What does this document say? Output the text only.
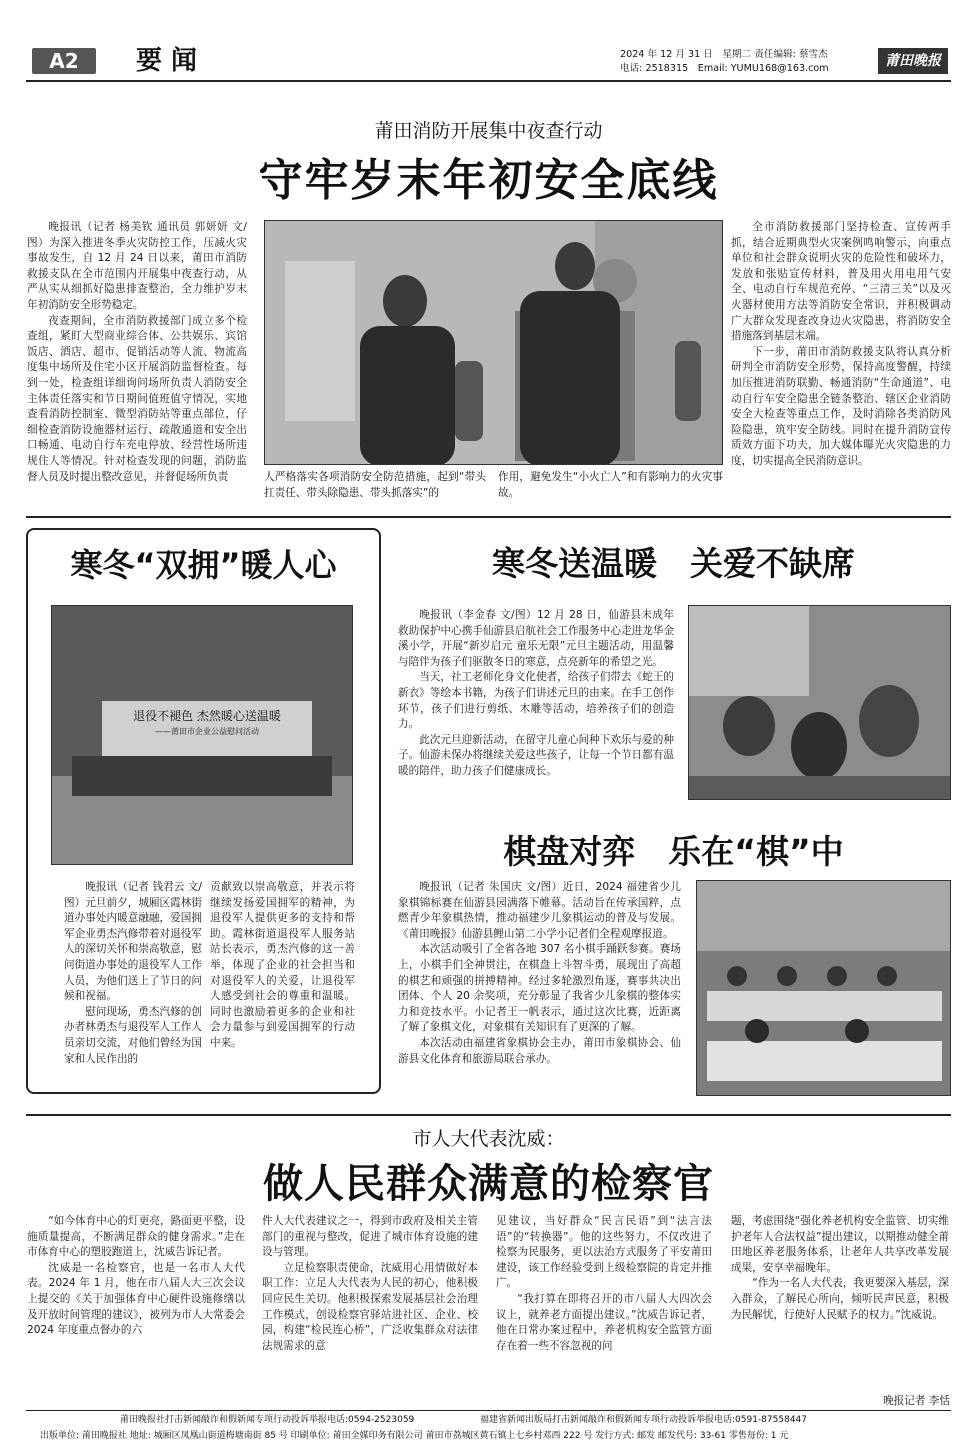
A2	要 闻	2024 年 12 月 31 日　星期二 责任编辑: 蔡雪杰
电话: 2518315　Email: YUMU168@163.com	莆田晚报
莆田消防开展集中夜查行动
守牢岁末年初安全底线

晚报讯（记者 杨美钦 通讯员 郭妍妍 文/图）为深入推进冬季火灾防控工作，压减火灾事故发生，自 12 月 24 日以来，莆田市消防救援支队在全市范围内开展集中夜查行动，从严从实从细抓好隐患排查整治，全力维护岁末年初消防安全形势稳定。

夜查期间，全市消防救援部门成立多个检查组，紧盯大型商业综合体、公共娱乐、宾馆饭店、酒店、超市、促销活动等人流、物流高度集中场所及住宅小区开展消防监督检查。每到一处，检查组详细询问场所负责人消防安全主体责任落实和节日期间值班值守情况，实地查看消防控制室、微型消防站等重点部位，仔细检查消防设施器材运行、疏散通道和安全出口畅通、电动自行车充电停放、经营性场所违规住人等情况。针对检查发现的问题，消防监督人员及时提出整改意见，并督促场所负责	人严格落实各项消防安全防范措施，起到“带头扛责任、带头除隐患、带头抓落实”的
作用，避免发生“小火亡人”和有影响力的火灾事故。

全市消防救援部门坚持检查、宣传两手抓，结合近期典型火灾案例鸣响警示，向重点单位和社会群众说明火灾的危险性和破坏力，发放和张贴宣传材料，普及用火用电用气安全、电动自行车规范充停、“三清三关”以及灭火器材使用方法等消防安全常识，并积极调动广大群众发现查改身边火灾隐患，将消防安全措施落到基层末端。

下一步，莆田市消防救援支队将认真分析研判全市消防安全形势，保持高度警醒，持续加压推进消防联勤、畅通消防“生命通道”、电动自行车安全隐患全链条整治、辖区企业消防安全大检查等重点工作，及时消除各类消防风险隐患，筑牢安全防线。同时在提升消防宣传质效方面下功夫，加大媒体曝光火灾隐患的力度，切实提高全民消防意识。

寒冬“双拥”暖人心
退役不褪色 杰然暖心送温暖
——莆田市企业公益慰问活动

晚报讯（记者 钱君云 文/图）元旦前夕，城厢区霞林街道办事处内暖意融融，爱国拥军企业勇杰汽修带着对退役军人的深切关怀和崇高敬意，慰问街道办事处的退役军人工作人员，为他们送上了节日的问候和祝福。

慰问现场，勇杰汽修的创办者林勇杰与退役军人工作人员亲切交流，对他们曾经为国家和人民作出的

贡献致以崇高敬意，并表示将继续发扬爱国拥军的精神，为退役军人提供更多的支持和帮助。霞林街道退役军人服务站站长表示，勇杰汽修的这一善举，体现了企业的社会担当和对退役军人的关爱，让退役军人感受到社会的尊重和温暖。同时也激励着更多的企业和社会力量参与到爱国拥军的行动中来。

寒冬送温暖　关爱不缺席

晚报讯（李金春 文/图）12 月 28 日，仙游县未成年救助保护中心携手仙游县启航社会工作服务中心走进龙华金溪小学，开展“新岁启元 童乐无限”元旦主题活动，用温馨与陪伴为孩子们驱散冬日的寒意，点亮新年的希望之光。

当天，社工老师化身文化使者，给孩子们带去《蛇王的新衣》等绘本书籍，为孩子们讲述元旦的由来。在手工创作环节，孩子们进行剪纸、木雕等活动，培养孩子们的创造力。

此次元旦迎新活动，在留守儿童心间种下欢乐与爱的种子。仙游未保办将继续关爱这些孩子，让每一个节日都有温暖的陪伴，助力孩子们健康成长。

棋盘对弈　乐在“棋”中

晚报讯（记者 朱国庆 文/图）近日，2024 福建省少儿象棋锦标赛在仙游县园满落下帷幕。活动旨在传承国粹，点燃青少年象棋热情，推动福建少儿象棋运动的普及与发展。《莆田晚报》仙游县鲤山第二小学小记者们全程观摩报道。

本次活动吸引了全省各地 307 名小棋手踊跃参赛。赛场上，小棋手们全神贯注，在棋盘上斗智斗勇，展现出了高超的棋艺和顽强的拼搏精神。经过多轮激烈角逐，赛事共决出团体、个人 20 余奖项，充分彰显了我省少儿象棋的整体实力和竞技水平。小记者王一帆表示，通过这次比赛，近距离了解了象棋文化，对象棋有关知识有了更深的了解。

本次活动由福建省象棋协会主办，莆田市象棋协会、仙游县文化体育和旅游局联合承办。

市人大代表沈威：
做人民群众满意的检察官

“如今体育中心的灯更亮，路面更平整，设施质量提高，不断满足群众的健身需求。”走在市体育中心的塑胶跑道上，沈威告诉记者。

沈威是一名检察官，也是一名市人大代表。2024 年 1 月，他在市八届人大三次会议上提交的《关于加强体育中心硬件设施修缮以及开放时间管理的建议》，被列为市人大常委会 2024 年度重点督办的六

件人大代表建议之一，得到市政府及相关主管部门的重视与整改，促进了城市体育设施的建设与管理。

立足检察职责使命，沈威用心用情做好本职工作：立足人大代表为人民的初心，他积极回应民生关切。他积极探索发展基层社会治理工作模式，创设检察官驿站进社区、企业、校园，构建“检民连心桥”，广泛收集群众对法律法规需求的意

见建议，当好群众“民言民语”到“法言法语”的“转换器”。他的这些努力，不仅改进了检察为民服务，更以法治方式服务了平安莆田建设，该工作经验受到上级检察院的肯定并推广。

“我打算在即将召开的市八届人大四次会议上，就养老方面提出建议。”沈威告诉记者，他在日常办案过程中，养老机构安全监管方面存在着一些不容忽视的问

题，考虑围绕“强化养老机构安全监管、切实维护老年人合法权益”提出建议，以期推动健全莆田地区养老服务体系，让老年人共享改革发展成果，安享幸福晚年。

“作为一名人大代表，我更要深入基层，深入群众，了解民心所向，倾听民声民意，积极为民解忧，行使好人民赋予的权力。”沈威说。

晚报记者 李恬
莆田晚报社打击新闻敲诈和假新闻专项行动投诉举报电话:0594-2523059	福建省新闻出版局打击新闻敲诈和假新闻专项行动投诉举报电话:0591-87558447
出版单位: 莆田晚报社 地址: 城厢区凤凰山街道梅塘南街 85 号 印刷单位: 莆田全媒印务有限公司 莆田市荔城区黄石镇上七乡村邓西 222 号 发行方式: 邮发 邮发代号: 33-61 零售每份: 1 元
